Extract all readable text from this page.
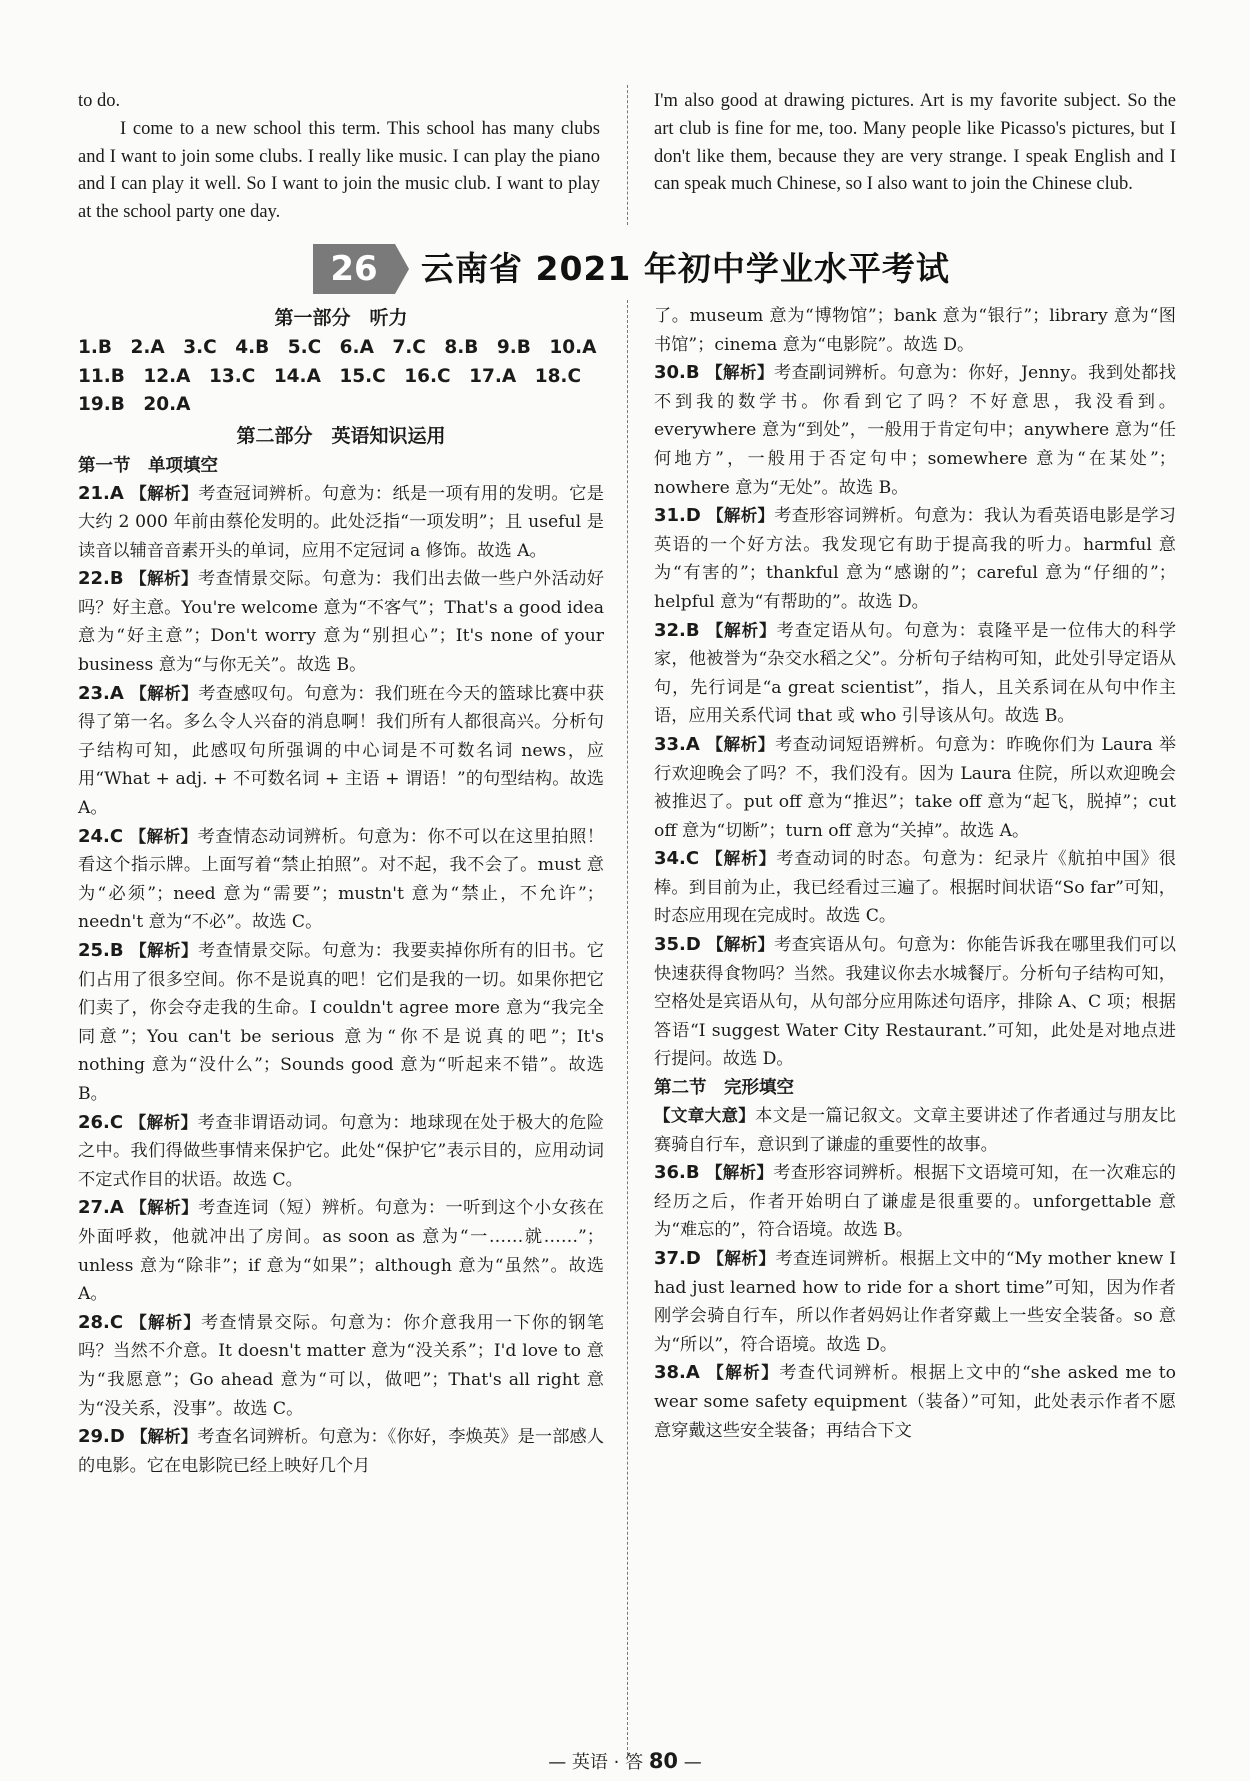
to do.

I come to a new school this term. This school has many clubs and I want to join some clubs. I really like music. I can play the piano and I can play it well. So I want to join the music club. I want to play at the school party one day.

I'm also good at drawing pictures. Art is my favorite subject. So the art club is fine for me, too. Many people like Picasso's pictures, but I don't like them, because they are very strange. I speak English and I can speak much Chinese, so I also want to join the Chinese club.

26	云南省 2021 年初中学业水平考试
第一部分　听力
1.B　2.A　3.C　4.B　5.C　6.A　7.C　8.B　9.B　10.A
11.B　12.A　13.C　14.A　15.C　16.C　17.A　18.C
19.B　20.A
第二部分　英语知识运用
第一节　单项填空
21.A 【解析】考查冠词辨析。句意为：纸是一项有用的发明。它是大约 2 000 年前由蔡伦发明的。此处泛指“一项发明”；且 useful 是读音以辅音音素开头的单词，应用不定冠词 a 修饰。故选 A。
22.B 【解析】考查情景交际。句意为：我们出去做一些户外活动好吗？好主意。You're welcome 意为“不客气”；That's a good idea 意为“好主意”；Don't worry 意为“别担心”；It's none of your business 意为“与你无关”。故选 B。
23.A 【解析】考查感叹句。句意为：我们班在今天的篮球比赛中获得了第一名。多么令人兴奋的消息啊！我们所有人都很高兴。分析句子结构可知，此感叹句所强调的中心词是不可数名词 news，应用“What + adj. + 不可数名词 + 主语 + 谓语！”的句型结构。故选 A。
24.C 【解析】考查情态动词辨析。句意为：你不可以在这里拍照！看这个指示牌。上面写着“禁止拍照”。对不起，我不会了。must 意为“必须”；need 意为“需要”；mustn't 意为“禁止，不允许”；needn't 意为“不必”。故选 C。
25.B 【解析】考查情景交际。句意为：我要卖掉你所有的旧书。它们占用了很多空间。你不是说真的吧！它们是我的一切。如果你把它们卖了，你会夺走我的生命。I couldn't agree more 意为“我完全同意”；You can't be serious 意为“你不是说真的吧”；It's nothing 意为“没什么”；Sounds good 意为“听起来不错”。故选 B。
26.C 【解析】考查非谓语动词。句意为：地球现在处于极大的危险之中。我们得做些事情来保护它。此处“保护它”表示目的，应用动词不定式作目的状语。故选 C。
27.A 【解析】考查连词（短）辨析。句意为：一听到这个小女孩在外面呼救，他就冲出了房间。as soon as 意为“一……就……”；unless 意为“除非”；if 意为“如果”；although 意为“虽然”。故选 A。
28.C 【解析】考查情景交际。句意为：你介意我用一下你的钢笔吗？当然不介意。It doesn't matter 意为“没关系”；I'd love to 意为“我愿意”；Go ahead 意为“可以，做吧”；That's all right 意为“没关系，没事”。故选 C。
29.D 【解析】考查名词辨析。句意为：《你好，李焕英》是一部感人的电影。它在电影院已经上映好几个月
了。museum 意为“博物馆”；bank 意为“银行”；library 意为“图书馆”；cinema 意为“电影院”。故选 D。
30.B 【解析】考查副词辨析。句意为：你好，Jenny。我到处都找不到我的数学书。你看到它了吗？不好意思，我没看到。everywhere 意为“到处”，一般用于肯定句中；anywhere 意为“任何地方”，一般用于否定句中；somewhere 意为“在某处”；nowhere 意为“无处”。故选 B。
31.D 【解析】考查形容词辨析。句意为：我认为看英语电影是学习英语的一个好方法。我发现它有助于提高我的听力。harmful 意为“有害的”；thankful 意为“感谢的”；careful 意为“仔细的”；helpful 意为“有帮助的”。故选 D。
32.B 【解析】考查定语从句。句意为：袁隆平是一位伟大的科学家，他被誉为“杂交水稻之父”。分析句子结构可知，此处引导定语从句，先行词是“a great scientist”，指人，且关系词在从句中作主语，应用关系代词 that 或 who 引导该从句。故选 B。
33.A 【解析】考查动词短语辨析。句意为：昨晚你们为 Laura 举行欢迎晚会了吗？不，我们没有。因为 Laura 住院，所以欢迎晚会被推迟了。put off 意为“推迟”；take off 意为“起飞，脱掉”；cut off 意为“切断”；turn off 意为“关掉”。故选 A。
34.C 【解析】考查动词的时态。句意为：纪录片《航拍中国》很棒。到目前为止，我已经看过三遍了。根据时间状语“So far”可知，时态应用现在完成时。故选 C。
35.D 【解析】考查宾语从句。句意为：你能告诉我在哪里我们可以快速获得食物吗？当然。我建议你去水城餐厅。分析句子结构可知，空格处是宾语从句，从句部分应用陈述句语序，排除 A、C 项；根据答语“I suggest Water City Restaurant.”可知，此处是对地点进行提问。故选 D。
第二节　完形填空
【文章大意】本文是一篇记叙文。文章主要讲述了作者通过与朋友比赛骑自行车，意识到了谦虚的重要性的故事。
36.B 【解析】考查形容词辨析。根据下文语境可知，在一次难忘的经历之后，作者开始明白了谦虚是很重要的。unforgettable 意为“难忘的”，符合语境。故选 B。
37.D 【解析】考查连词辨析。根据上文中的“My mother knew I had just learned how to ride for a short time”可知，因为作者刚学会骑自行车，所以作者妈妈让作者穿戴上一些安全装备。so 意为“所以”，符合语境。故选 D。
38.A 【解析】考查代词辨析。根据上文中的“she asked me to wear some safety equipment（装备）”可知，此处表示作者不愿意穿戴这些安全装备；再结合下文
— 英语 · 答 80 —
